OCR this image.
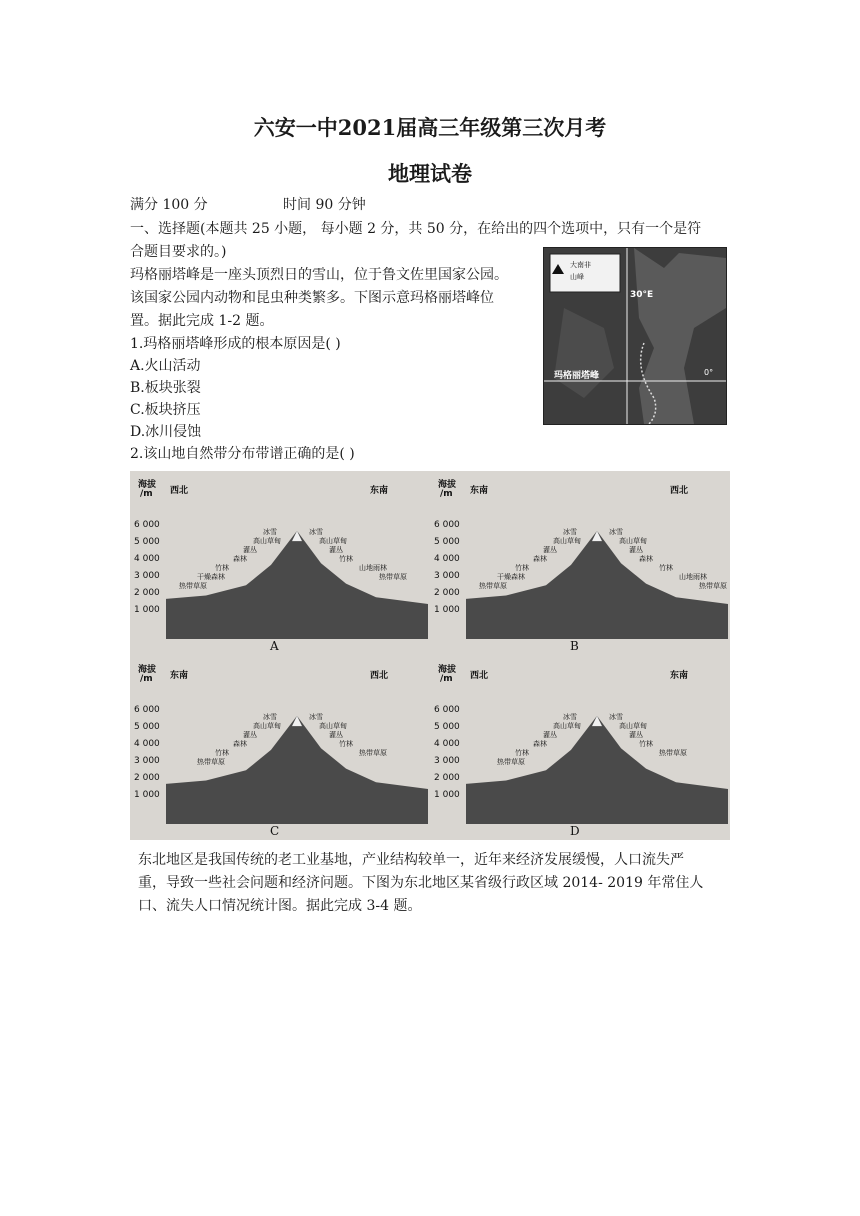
六安一中2021届高三年级第三次月考
地理试卷
满分 100 分	时间 90 分钟
一、选择题(本题共 25 小题， 每小题 2 分，共 50 分，在给出的四个选项中，只有一个是符
合题目要求的。)
玛格丽塔峰是一座头顶烈日的雪山，位于鲁文佐里国家公园。
该国家公园内动物和昆虫种类繁多。下图示意玛格丽塔峰位
置。据此完成 1-2 题。
大南非
山峰
30°E
玛格丽塔峰	0°
1.玛格丽塔峰形成的根本原因是( )
A.火山活动
B.板块张裂
C.板块挤压
D.冰川侵蚀
2.该山地自然带分布带谱正确的是( )
海拔
/m 西北	东南
6 000
5 000
4 000
3 000
2 000
1 000
冰雪
高山草甸
灌丛
森林
竹林
干燥森林
热带草原
冰雪
高山草甸
灌丛
竹林
山地雨林
热带草原
A
海拔
/m 东南	西北
6 000
5 000
4 000
3 000
2 000
1 000
冰雪
高山草甸
灌丛
森林
竹林
干燥森林
热带草原
冰雪
高山草甸
灌丛
森林
竹林
山地雨林
热带草原
B
海拔
/m 东南	西北
6 000
5 000
4 000
3 000
2 000
1 000
冰雪
高山草甸
灌丛
森林
竹林
热带草原
冰雪
高山草甸
灌丛
竹林
热带草原
C
海拔
/m 西北	东南
6 000
5 000
4 000
3 000
2 000
1 000
冰雪
高山草甸
灌丛
森林
竹林
热带草原
冰雪
高山草甸
灌丛
竹林
热带草原
D
东北地区是我国传统的老工业基地，产业结构较单一，近年来经济发展缓慢，人口流失严
重，导致一些社会问题和经济问题。下图为东北地区某省级行政区域 2014- 2019 年常住人
口、流失人口情况统计图。据此完成 3-4 题。
